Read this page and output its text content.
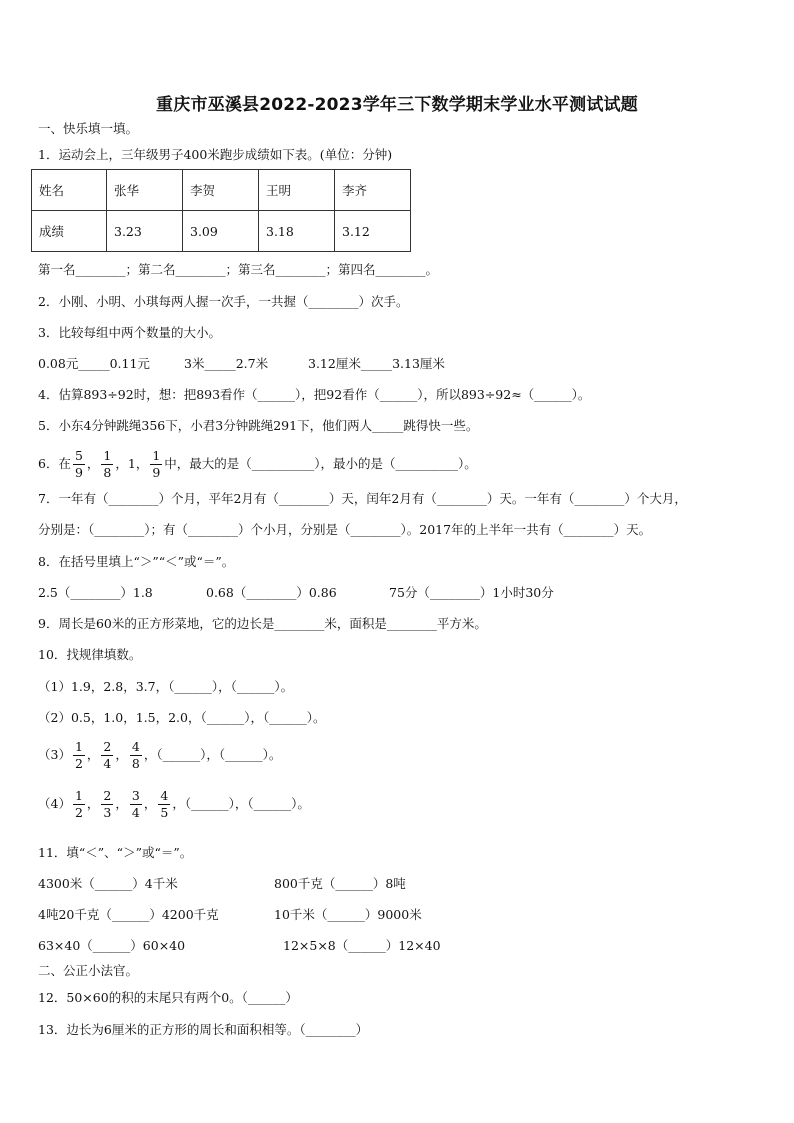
重庆市巫溪县2022-2023学年三下数学期末学业水平测试试题
一、快乐填一填。
1．运动会上，三年级男子400米跑步成绩如下表。(单位：分钟)
姓名	张华	李贺	王明	李齐
成绩	3.23	3.09	3.18	3.12
第一名________；第二名________；第三名________；第四名________。
2．小刚、小明、小琪每两人握一次手，一共握（________）次手。
3．比较每组中两个数量的大小。
0.08元_____0.11元	3米_____2.7米	3.12厘米_____3.13厘米
4．估算893÷92时，想：把893看作（______），把92看作（______），所以893÷92≈（______）。
5．小东4分钟跳绳356下，小君3分钟跳绳291下，他们两人_____跳得快一些。
6．在 $\frac{5}{9}$ ， $\frac{1}{8}$ ，1， $\frac{1}{9}$ 中，最大的是（__________），最小的是（__________）。
7．一年有（________）个月，平年2月有（________）天，闰年2月有（________）天。一年有（________）个大月，
分别是：（________）；有（________）个小月，分别是（________）。2017年的上半年一共有（________）天。
8．在括号里填上“＞”“＜”或“＝”。
2.5（________）1.8	0.68（________）0.86	75分（________）1小时30分
9．周长是60米的正方形菜地，它的边长是________米，面积是________平方米。
10．找规律填数。
（1）1.9，2.8，3.7，（______），（______）。
（2）0.5，1.0，1.5，2.0，（______），（______）。
$(3) \frac{1}{2}$ ， $\frac{2}{4}$ ， $\frac{4}{8}$ ，（______），（______）。
$(4) \frac{1}{2}$ ， $\frac{2}{3}$ ， $\frac{3}{4}$ ， $\frac{4}{5}$ ，（______），（______）。
11．填“＜”、“＞”或“＝”。
4300米（______）4千米	800千克（______）8吨
4吨20千克（______）4200千克	10千米（______）9000米
63×40（______）60×40	12×5×8（______）12×40
二、公正小法官。
12．50×60的积的末尾只有两个0。（______）
13．边长为6厘米的正方形的周长和面积相等。（________）
